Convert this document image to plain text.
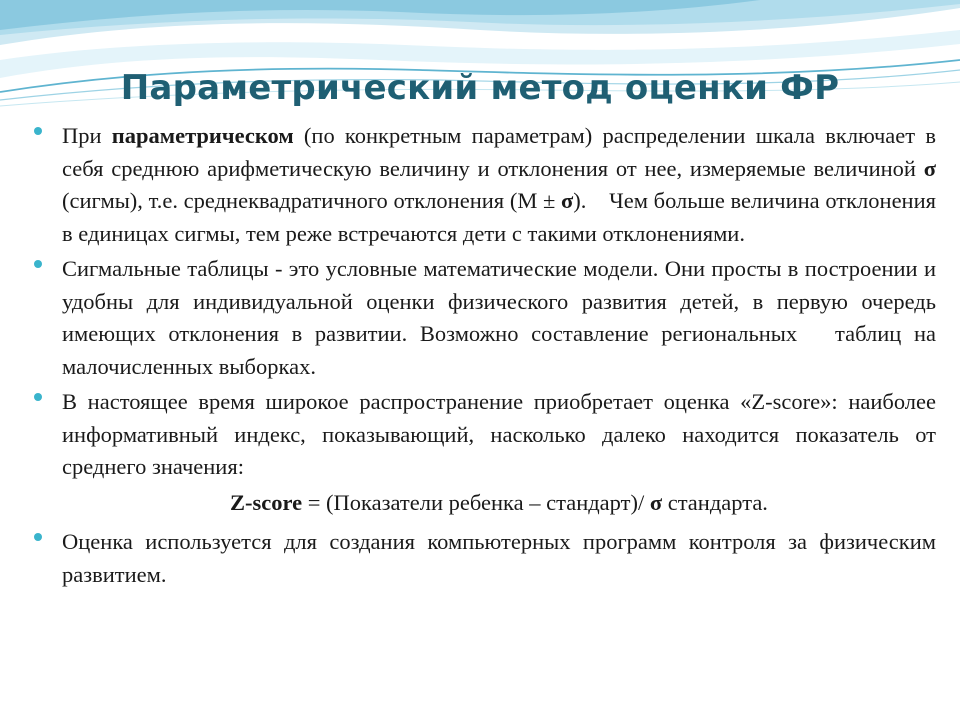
Параметрический метод оценки ФР
При параметрическом (по конкретным параметрам) распределении шкала включает в себя среднюю арифметическую величину и отклонения от нее, измеряемые величиной σ (сигмы), т.е. среднеквадратичного отклонения (М ± σ).    Чем больше величина отклонения в единицах сигмы, тем реже встречаются дети с такими отклонениями.
Сигмальные таблицы - это условные математические модели. Они просты в построении и удобны для индивидуальной оценки физического развития детей, в первую очередь имеющих отклонения в развитии. Возможно составление региональных   таблиц на малочисленных выборках.
В настоящее время широкое распространение приобретает оценка «Z-score»: наиболее информативный индекс, показывающий, насколько далеко находится показатель от среднего значения:
Z-score = (Показатели ребенка – стандарт)/ σ стандарта.
Оценка используется для создания компьютерных программ контроля за физическим развитием.
